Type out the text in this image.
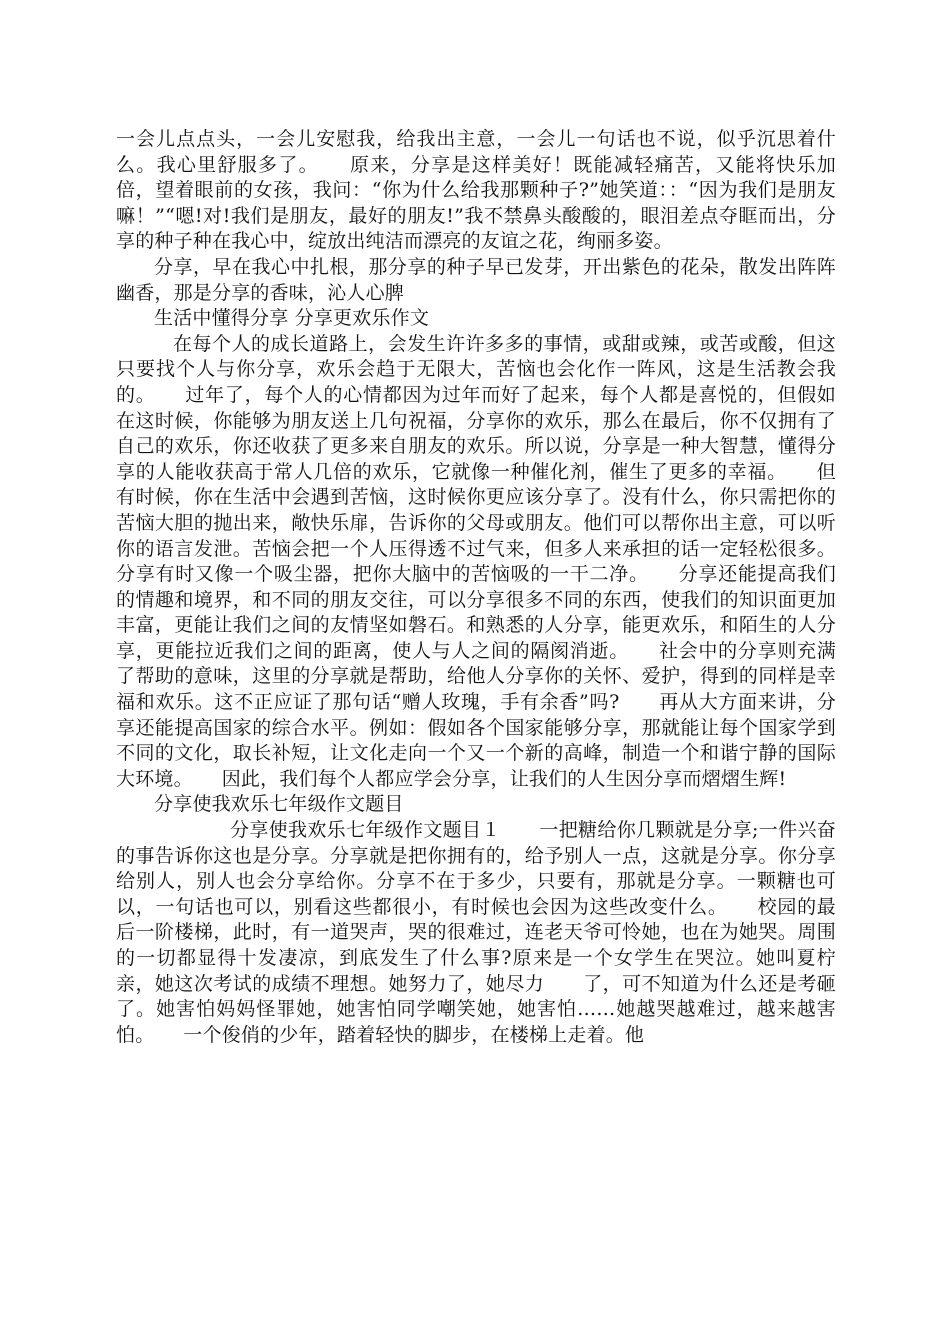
一会儿点点头，一会儿安慰我，给我出主意，一会儿一句话也不说，似乎沉思着什么。我心里舒服多了。　　原来，分享是这样美好！既能减轻痛苦，又能将快乐加倍，望着眼前的女孩，我问：“你为什么给我那颗种子?”她笑道：：“因为我们是朋友嘛！”“嗯!对!我们是朋友，最好的朋友!”我不禁鼻头酸酸的，眼泪差点夺眶而出，分享的种子种在我心中，绽放出纯洁而漂亮的友谊之花，绚丽多姿。

分享，早在我心中扎根，那分享的种子早已发芽，开出紫色的花朵，散发出阵阵幽香，那是分享的香味，沁人心脾

生活中懂得分享 分享更欢乐作文

在每个人的成长道路上，会发生许许多多的事情，或甜或辣，或苦或酸，但这只要找个人与你分享，欢乐会趋于无限大，苦恼也会化作一阵风，这是生活教会我的。　　过年了，每个人的心情都因为过年而好了起来，每个人都是喜悦的，但假如在这时候，你能够为朋友送上几句祝福，分享你的欢乐，那么在最后，你不仅拥有了自己的欢乐，你还收获了更多来自朋友的欢乐。所以说，分享是一种大智慧，懂得分享的人能收获高于常人几倍的欢乐，它就像一种催化剂，催生了更多的幸福。　　但有时候，你在生活中会遇到苦恼，这时候你更应该分享了。没有什么，你只需把你的苦恼大胆的抛出来，敞快乐扉，告诉你的父母或朋友。他们可以帮你出主意，可以听你的语言发泄。苦恼会把一个人压得透不过气来，但多人来承担的话一定轻松很多。分享有时又像一个吸尘器，把你大脑中的苦恼吸的一干二净。　　分享还能提高我们的情趣和境界，和不同的朋友交往，可以分享很多不同的东西，使我们的知识面更加丰富，更能让我们之间的友情坚如磐石。和熟悉的人分享，能更欢乐，和陌生的人分享，更能拉近我们之间的距离，使人与人之间的隔阂消逝。　　社会中的分享则充满了帮助的意味，这里的分享就是帮助，给他人分享你的关怀、爱护，得到的同样是幸福和欢乐。这不正应证了那句话“赠人玫瑰，手有余香”吗?　　再从大方面来讲，分享还能提高国家的综合水平。例如：假如各个国家能够分享，那就能让每个国家学到不同的文化，取长补短，让文化走向一个又一个新的高峰，制造一个和谐宁静的国际大环境。　　因此，我们每个人都应学会分享，让我们的人生因分享而熠熠生辉!

分享使我欢乐七年级作文题目

分享使我欢乐七年级作文题目１　　一把糖给你几颗就是分享;一件兴奋的事告诉你这也是分享。分享就是把你拥有的，给予别人一点，这就是分享。你分享给别人，别人也会分享给你。分享不在于多少，只要有，那就是分享。一颗糖也可以，一句话也可以，别看这些都很小，有时候也会因为这些改变什么。　　校园的最后一阶楼梯，此时，有一道哭声，哭的很难过，连老天爷可怜她，也在为她哭。周围的一切都显得十发凄凉，到底发生了什么事?原来是一个女学生在哭泣。她叫夏柠亲，她这次考试的成绩不理想。她努力了，她尽力　　了，可不知道为什么还是考砸了。她害怕妈妈怪罪她，她害怕同学嘲笑她，她害怕……她越哭越难过，越来越害怕。　　一个俊俏的少年，踏着轻快的脚步，在楼梯上走着。他
